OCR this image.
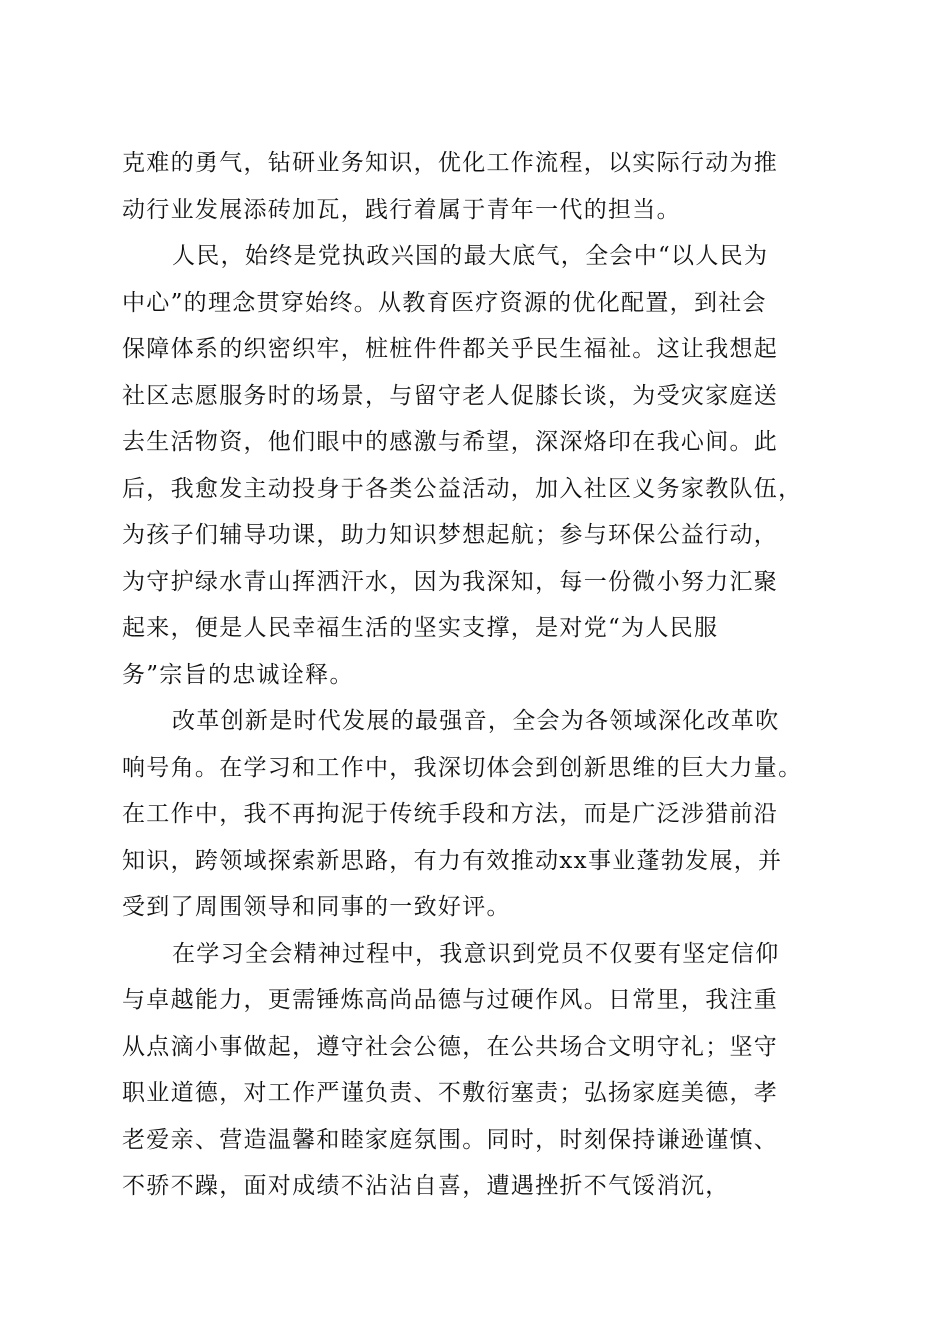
克难的勇气，钻研业务知识，优化工作流程，以实际行动为推
动行业发展添砖加瓦，践行着属于青年一代的担当。
人民，始终是党执政兴国的最大底气，全会中“以人民为
中心”的理念贯穿始终。从教育医疗资源的优化配置，到社会
保障体系的织密织牢，桩桩件件都关乎民生福祉。这让我想起
社区志愿服务时的场景，与留守老人促膝长谈，为受灾家庭送
去生活物资，他们眼中的感激与希望，深深烙印在我心间。此
后，我愈发主动投身于各类公益活动，加入社区义务家教队伍，
为孩子们辅导功课，助力知识梦想起航；参与环保公益行动，
为守护绿水青山挥洒汗水，因为我深知，每一份微小努力汇聚
起来，便是人民幸福生活的坚实支撑，是对党“为人民服
务”宗旨的忠诚诠释。
改革创新是时代发展的最强音，全会为各领域深化改革吹
响号角。在学习和工作中，我深切体会到创新思维的巨大力量。
在工作中，我不再拘泥于传统手段和方法，而是广泛涉猎前沿
知识，跨领域探索新思路，有力有效推动xx事业蓬勃发展，并
受到了周围领导和同事的一致好评。
在学习全会精神过程中，我意识到党员不仅要有坚定信仰
与卓越能力，更需锤炼高尚品德与过硬作风。日常里，我注重
从点滴小事做起，遵守社会公德，在公共场合文明守礼；坚守
职业道德，对工作严谨负责、不敷衍塞责；弘扬家庭美德，孝
老爱亲、营造温馨和睦家庭氛围。同时，时刻保持谦逊谨慎、
不骄不躁，面对成绩不沾沾自喜，遭遇挫折不气馁消沉，
